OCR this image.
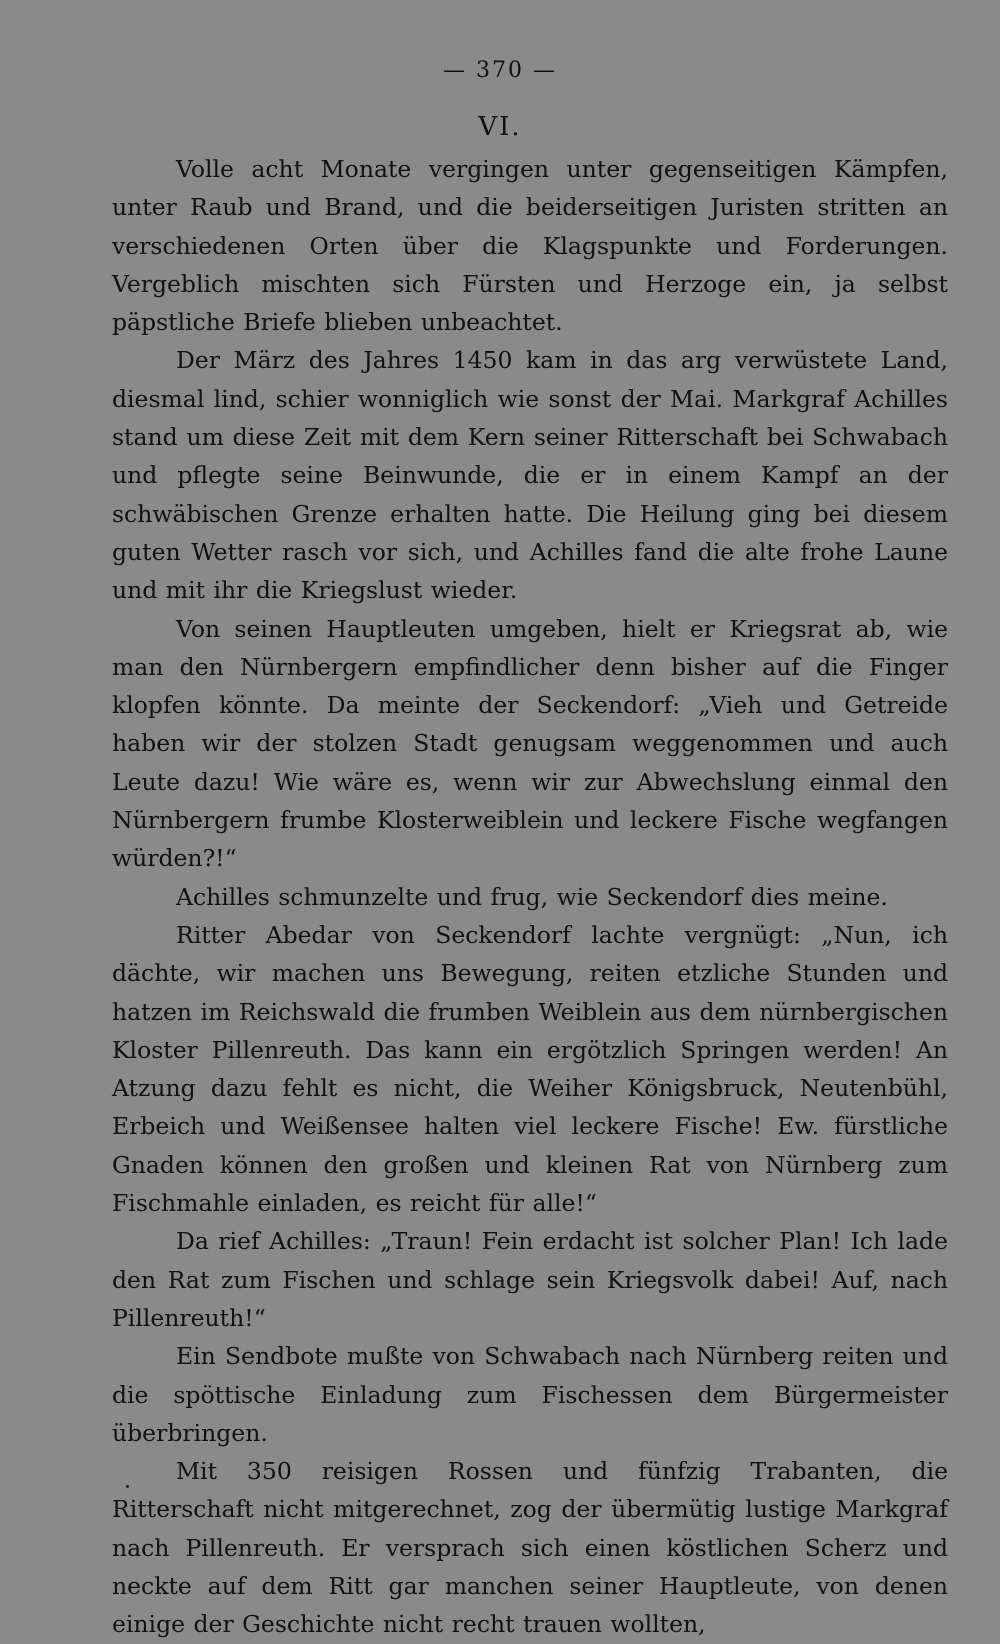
— 370 —
VI.

Volle acht Monate vergingen unter gegenseitigen Kämpfen, unter Raub und Brand, und die beiderseitigen Juristen stritten an verschiedenen Orten über die Klagspunkte und Forderungen. Vergeblich mischten sich Fürsten und Herzoge ein, ja selbst päpstliche Briefe blieben unbeachtet.

Der März des Jahres 1450 kam in das arg verwüstete Land, diesmal lind, schier wonniglich wie sonst der Mai. Markgraf Achilles stand um diese Zeit mit dem Kern seiner Ritterschaft bei Schwabach und pflegte seine Beinwunde, die er in einem Kampf an der schwäbischen Grenze erhalten hatte. Die Heilung ging bei diesem guten Wetter rasch vor sich, und Achilles fand die alte frohe Laune und mit ihr die Kriegslust wieder.

Von seinen Hauptleuten umgeben, hielt er Kriegsrat ab, wie man den Nürnbergern empfindlicher denn bisher auf die Finger klopfen könnte. Da meinte der Seckendorf: „Vieh und Getreide haben wir der stolzen Stadt genugsam weggenommen und auch Leute dazu! Wie wäre es, wenn wir zur Abwechslung einmal den Nürnbergern frumbe Klosterweiblein und leckere Fische wegfangen würden?!“

Achilles schmunzelte und frug, wie Seckendorf dies meine.

Ritter Abedar von Seckendorf lachte vergnügt: „Nun, ich dächte, wir machen uns Bewegung, reiten etzliche Stunden und hatzen im Reichswald die frumben Weiblein aus dem nürnbergischen Kloster Pillenreuth. Das kann ein ergötzlich Springen werden! An Atzung dazu fehlt es nicht, die Weiher Königsbruck, Neutenbühl, Erbeich und Weißensee halten viel leckere Fische! Ew. fürstliche Gnaden können den großen und kleinen Rat von Nürnberg zum Fischmahle einladen, es reicht für alle!“

Da rief Achilles: „Traun! Fein erdacht ist solcher Plan! Ich lade den Rat zum Fischen und schlage sein Kriegsvolk dabei! Auf, nach Pillenreuth!“

Ein Sendbote mußte von Schwabach nach Nürnberg reiten und die spöttische Einladung zum Fischessen dem Bürgermeister überbringen.

Mit 350 reisigen Rossen und fünfzig Trabanten, die Ritterschaft nicht mitgerechnet, zog der übermütig lustige Markgraf nach Pillenreuth. Er versprach sich einen köstlichen Scherz und neckte auf dem Ritt gar manchen seiner Hauptleute, von denen einige der Geschichte nicht recht trauen wollten,
